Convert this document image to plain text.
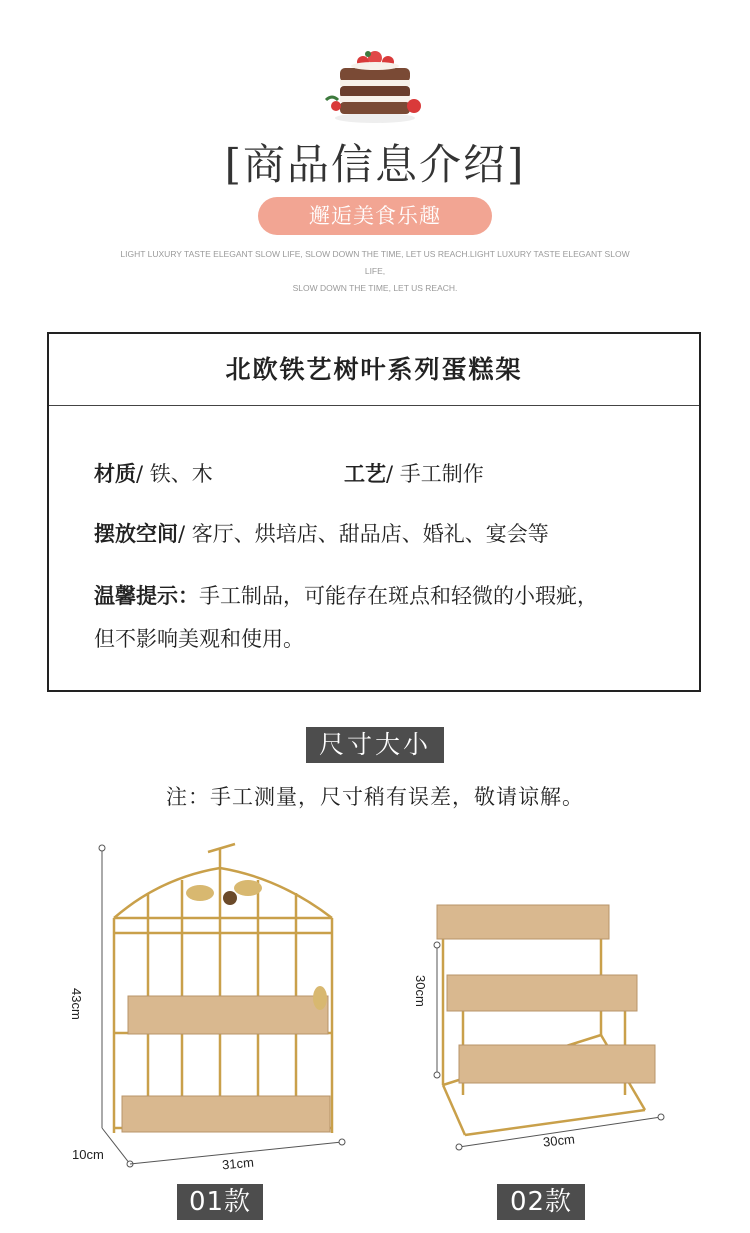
[商品信息介绍]
邂逅美食乐趣
LIGHT LUXURY TASTE ELEGANT SLOW LIFE, SLOW DOWN THE TIME, LET US REACH.LIGHT LUXURY TASTE ELEGANT SLOW LIFE,
SLOW DOWN THE TIME, LET US REACH.
北欧铁艺树叶系列蛋糕架
材质/ 铁、木	工艺/ 手工制作
摆放空间/ 客厅、烘培店、甜品店、婚礼、宴会等
温馨提示：手工制品，可能存在斑点和轻微的小瑕疵，
但不影响美观和使用。
尺寸大小
注：手工测量，尺寸稍有误差，敬请谅解。
43cm
10cm
31cm
30cm
30cm
01款	02款
